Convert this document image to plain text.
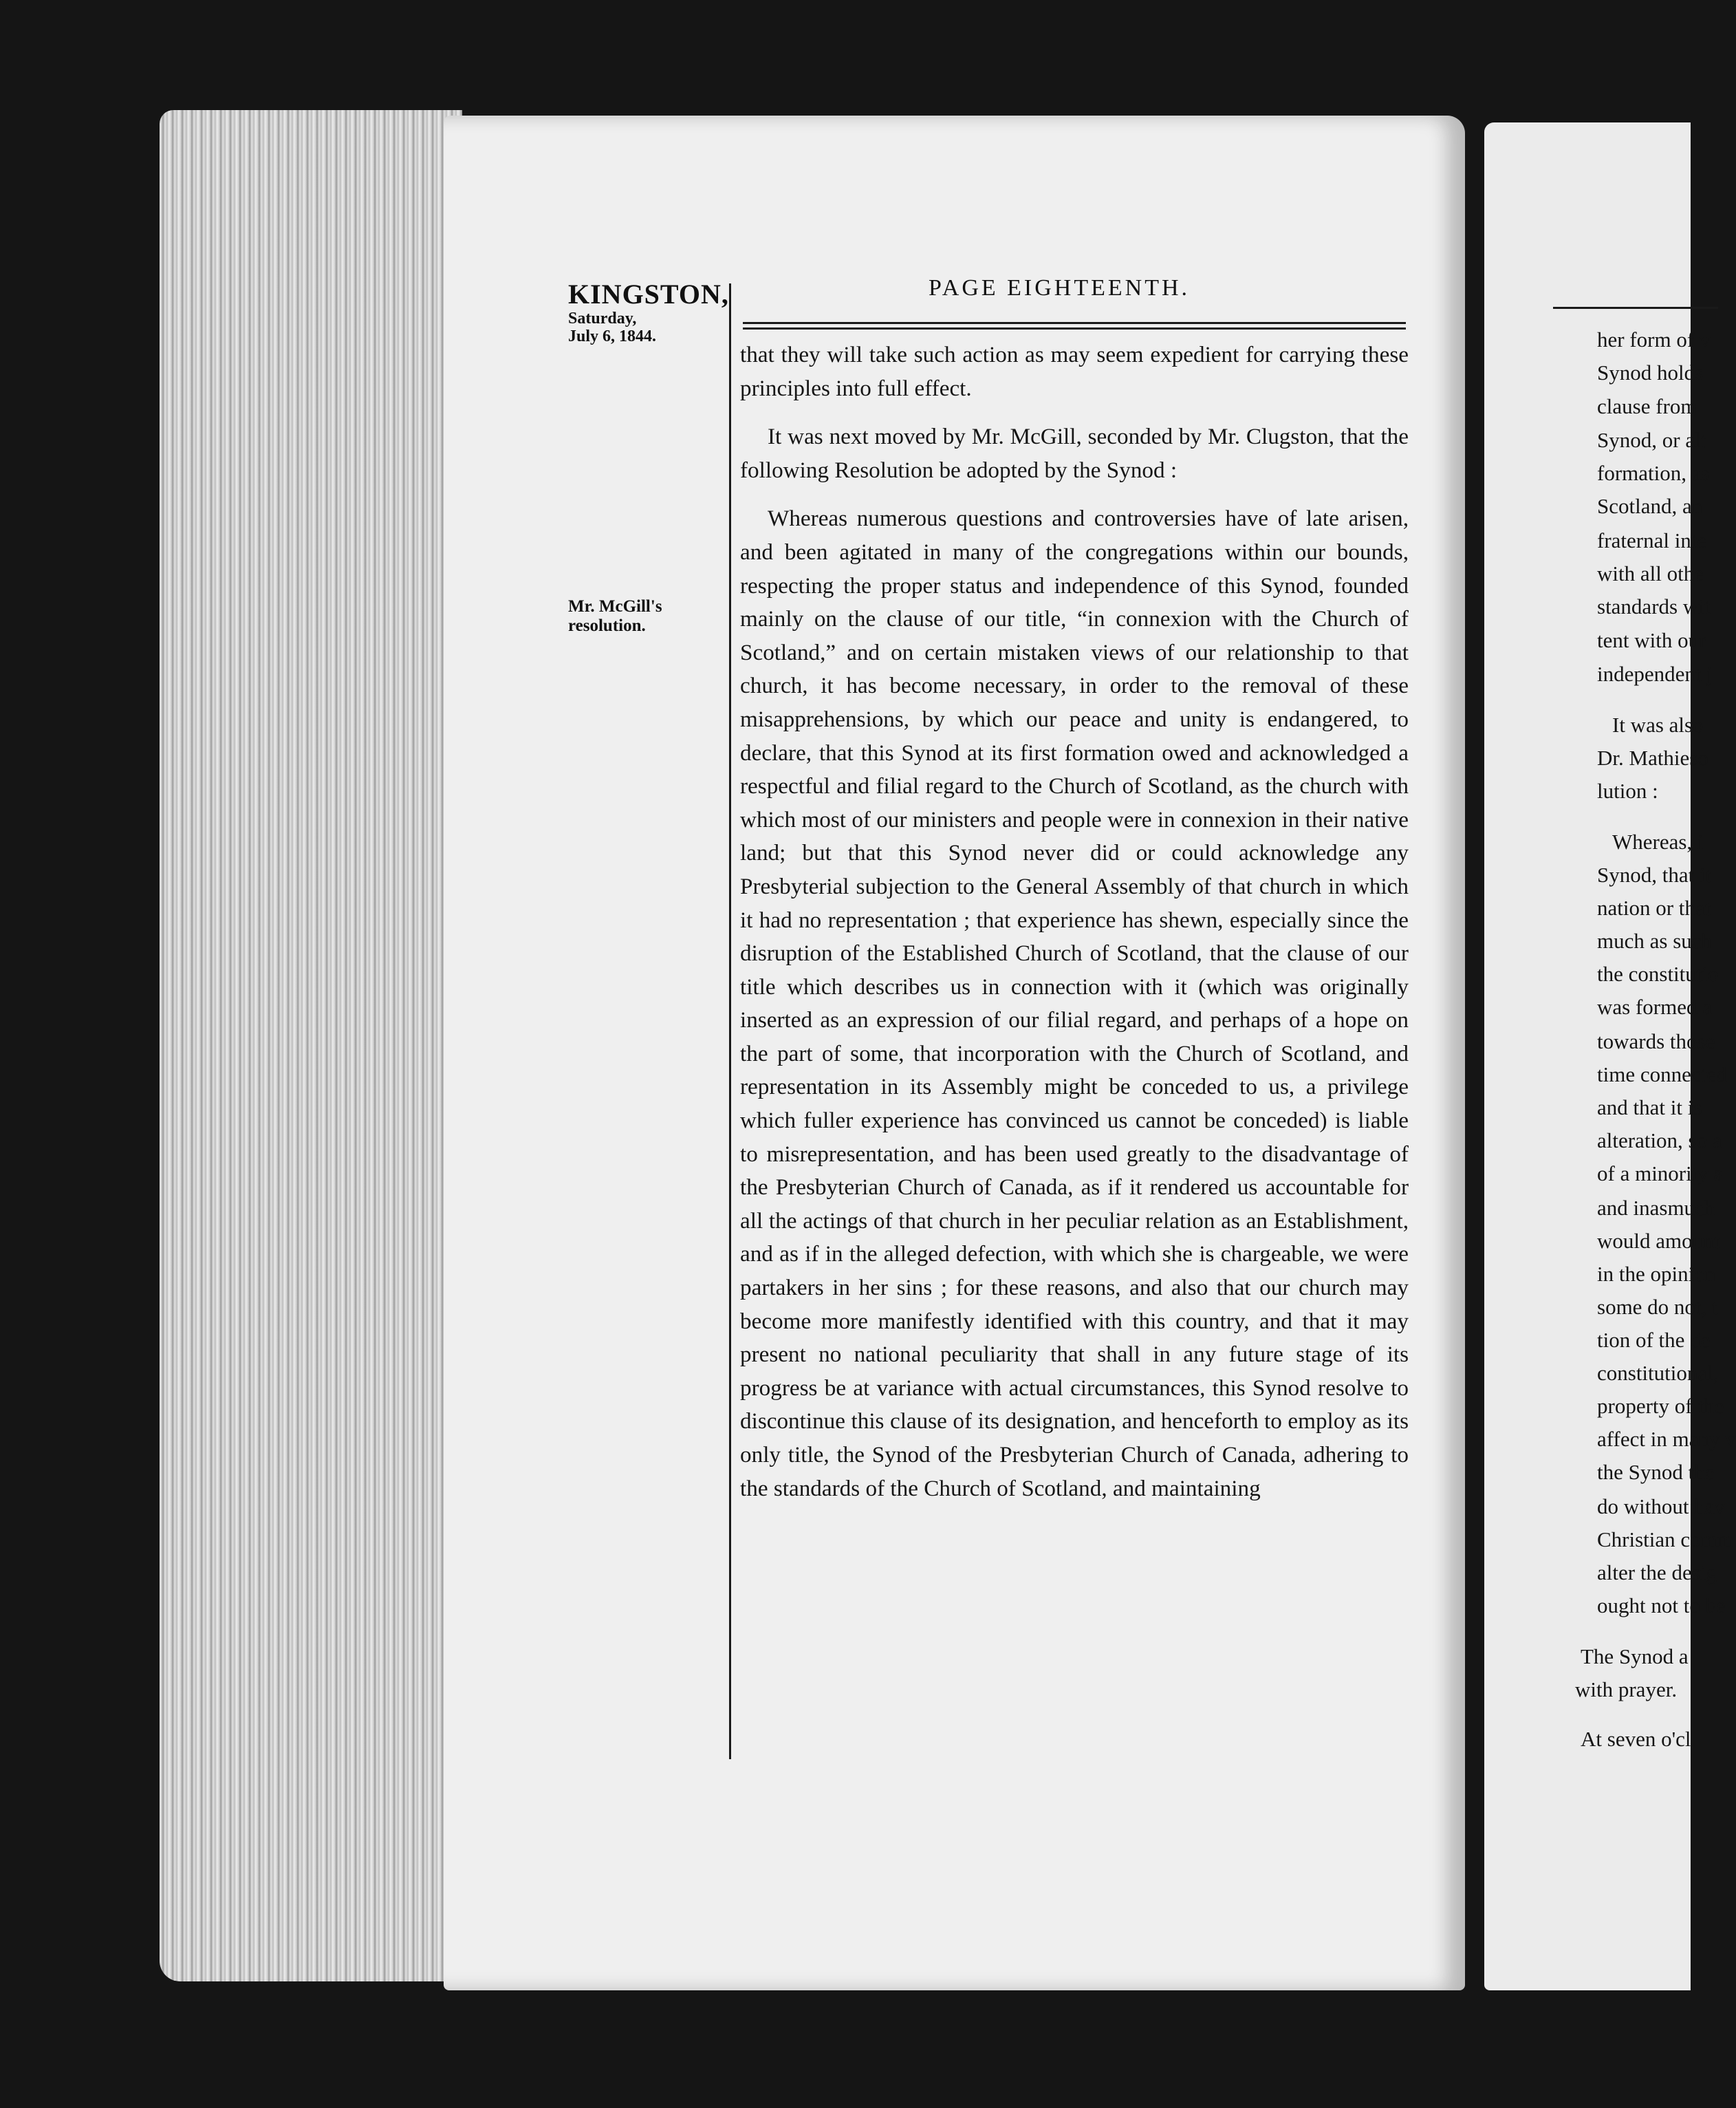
her form of v
Synod holds
clause from
Synod, or alt
formation, as
Scotland, an
fraternal inte
with all othe
standards wit
tent with our
independent j
It was also
Dr. Mathieso
lution :
Whereas, i
Synod, that it
nation or that
much as such
the constitutio
was formed a
towards those
time connected
and that it is
alteration, so a
of a minority a
and inasmuch
would amount
in the opinion
some do not, t
tion of the de
constitutional,
property of the
affect in many v
the Synod the
do without hav
Christian comm
alter the desig
ought not to be
The Synod a
with prayer.
At seven o'cl
KINGSTON,
Saturday,
July 6, 1844.
Mr. McGill's
resolution.
PAGE EIGHTEENTH.

that they will take such action as may seem expedient for carrying these principles into full effect.

It was next moved by Mr. McGill, seconded by Mr. Clugston, that the following Resolution be adopted by the Synod :

Whereas numerous questions and controversies have of late arisen, and been agitated in many of the congregations within our bounds, respecting the proper status and independence of this Synod, founded mainly on the clause of our title, “in connexion with the Church of Scotland,” and on certain mistaken views of our relationship to that church, it has become necessary, in order to the removal of these misapprehensions, by which our peace and unity is endangered, to declare, that this Synod at its first formation owed and acknowledged a respectful and filial regard to the Church of Scotland, as the church with which most of our ministers and people were in connexion in their native land; but that this Synod never did or could acknowledge any Presbyterial subjection to the General Assembly of that church in which it had no representation ; that experience has shewn, especially since the disruption of the Established Church of Scotland, that the clause of our title which describes us in connection with it (which was originally inserted as an expression of our filial regard, and perhaps of a hope on the part of some, that incorporation with the Church of Scotland, and representation in its Assembly might be conceded to us, a privilege which fuller experience has convinced us cannot be conceded) is liable to misrepresentation, and has been used greatly to the disadvantage of the Presbyterian Church of Canada, as if it rendered us accountable for all the actings of that church in her peculiar relation as an Establishment, and as if in the alleged defection, with which she is chargeable, we were partakers in her sins ; for these reasons, and also that our church may become more manifestly identified with this country, and that it may present no national peculiarity that shall in any future stage of its progress be at variance with actual circumstances, this Synod resolve to discontinue this clause of its designation, and henceforth to employ as its only title, the Synod of the Presbyterian Church of Canada, adhering to the standards of the Church of Scotland, and maintaining
